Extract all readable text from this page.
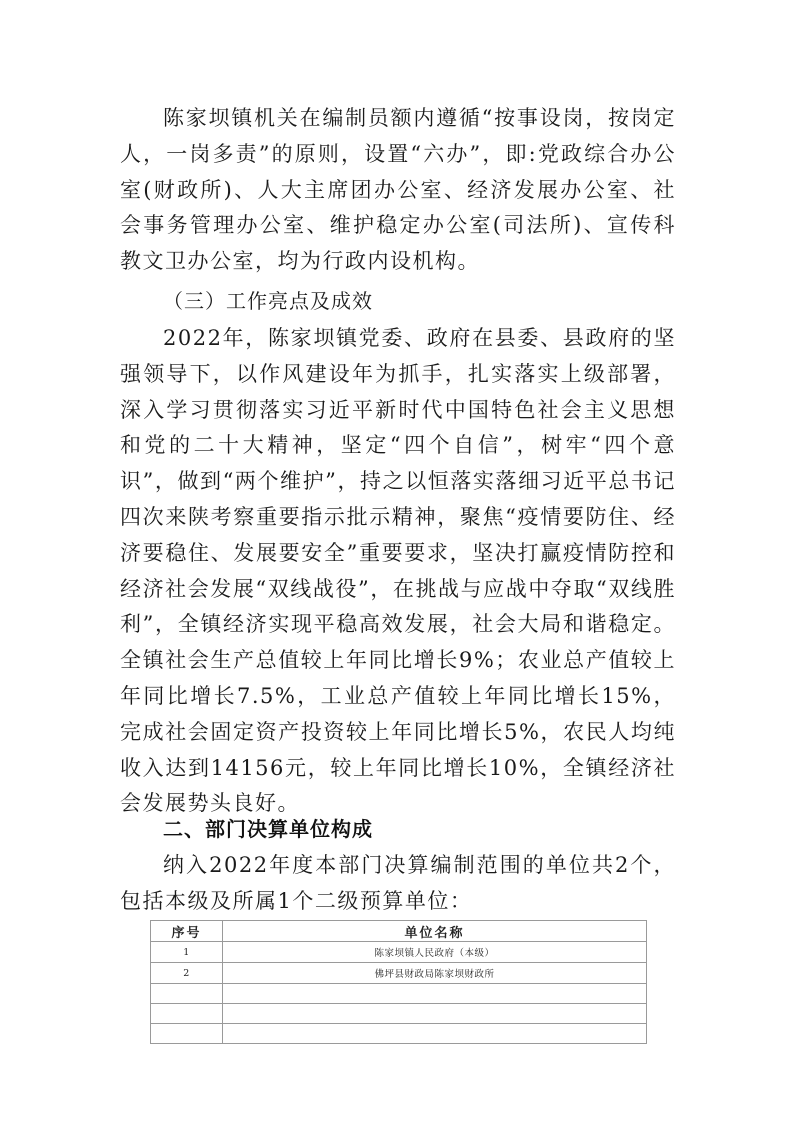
陈家坝镇机关在编制员额内遵循“按事设岗，按岗定人，一岗多责”的原则，设置“六办”，即:党政综合办公室(财政所)、人大主席团办公室、经济发展办公室、社会事务管理办公室、维护稳定办公室(司法所)、宣传科教文卫办公室，均为行政内设机构。

（三）工作亮点及成效

2022年，陈家坝镇党委、政府在县委、县政府的坚强领导下，以作风建设年为抓手，扎实落实上级部署，深入学习贯彻落实习近平新时代中国特色社会主义思想和党的二十大精神，坚定“四个自信”，树牢“四个意识”，做到“两个维护”，持之以恒落实落细习近平总书记四次来陕考察重要指示批示精神，聚焦“疫情要防住、经济要稳住、发展要安全”重要要求，坚决打赢疫情防控和经济社会发展“双线战役”，在挑战与应战中夺取“双线胜利”，全镇经济实现平稳高效发展，社会大局和谐稳定。全镇社会生产总值较上年同比增长9%；农业总产值较上年同比增长7.5%，工业总产值较上年同比增长15%，完成社会固定资产投资较上年同比增长5%，农民人均纯收入达到14156元，较上年同比增长10%，全镇经济社会发展势头良好。

二、部门决算单位构成

纳入2022年度本部门决算编制范围的单位共2个，包括本级及所属1个二级预算单位：

序号	单位名称
1	陈家坝镇人民政府（本级）
2	佛坪县财政局陈家坝财政所
